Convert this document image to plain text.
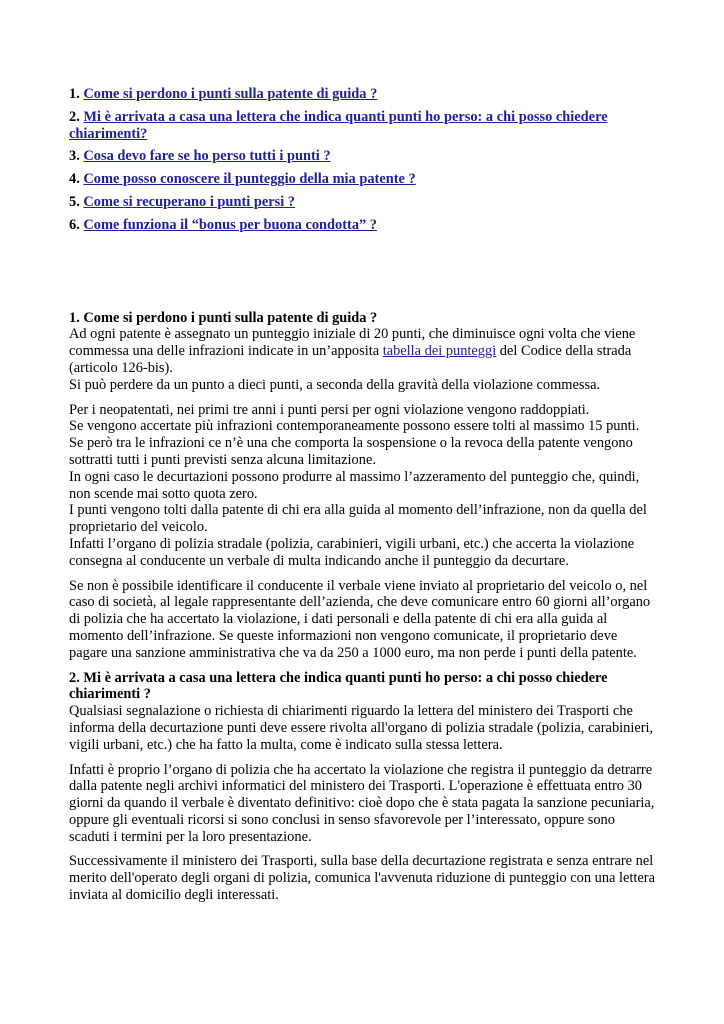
1. Come si perdono i punti sulla patente di guida ?
2. Mi è arrivata a casa una lettera che indica quanti punti ho perso: a chi posso chiedere chiarimenti?
3. Cosa devo fare se ho perso tutti i punti ?
4. Come posso conoscere il punteggio della mia patente ?
5. Come si recuperano i punti persi ?
6. Come funziona il “bonus per buona condotta” ?
1. Come si perdono i punti sulla patente di guida ?

Ad ogni patente è assegnato un punteggio iniziale di 20 punti, che diminuisce ogni volta che viene commessa una delle infrazioni indicate in un’apposita tabella dei punteggi del Codice della strada (articolo 126-bis).
Si può perdere da un punto a dieci punti, a seconda della gravità della violazione commessa.

Per i neopatentati, nei primi tre anni i punti persi per ogni violazione vengono raddoppiati.
Se vengono accertate più infrazioni contemporaneamente possono essere tolti al massimo 15 punti.
Se però tra le infrazioni ce n’è una che comporta la sospensione o la revoca della patente vengono sottratti tutti i punti previsti senza alcuna limitazione.
In ogni caso le decurtazioni possono produrre al massimo l’azzeramento del punteggio che, quindi, non scende mai sotto quota zero.
I punti vengono tolti dalla patente di chi era alla guida al momento dell’infrazione, non da quella del proprietario del veicolo.
Infatti l’organo di polizia stradale (polizia, carabinieri, vigili urbani, etc.) che accerta la violazione consegna al conducente un verbale di multa indicando anche il punteggio da decurtare.

Se non è possibile identificare il conducente il verbale viene inviato al proprietario del veicolo o, nel caso di società, al legale rappresentante dell’azienda, che deve comunicare entro 60 giorni all’organo di polizia che ha accertato la violazione, i dati personali e della patente di chi era alla guida al momento dell’infrazione. Se queste informazioni non vengono comunicate, il proprietario deve pagare una sanzione amministrativa che va da 250 a 1000 euro, ma non perde i punti della patente.

2. Mi è arrivata a casa una lettera che indica quanti punti ho perso: a chi posso chiedere chiarimenti ?

Qualsiasi segnalazione o richiesta di chiarimenti riguardo la lettera del ministero dei Trasporti che informa della decurtazione punti deve essere rivolta all'organo di polizia stradale (polizia, carabinieri, vigili urbani, etc.) che ha fatto la multa, come è indicato sulla stessa lettera.

Infatti è proprio l’organo di polizia che ha accertato la violazione che registra il punteggio da detrarre dalla patente negli archivi informatici del ministero dei Trasporti. L'operazione è effettuata entro 30 giorni da quando il verbale è diventato definitivo: cioè dopo che è stata pagata la sanzione pecuniaria, oppure gli eventuali ricorsi si sono conclusi in senso sfavorevole per l’interessato, oppure sono scaduti i termini per la loro presentazione.

Successivamente il ministero dei Trasporti, sulla base della decurtazione registrata e senza entrare nel merito dell'operato degli organi di polizia, comunica l'avvenuta riduzione di punteggio con una lettera inviata al domicilio degli interessati.
